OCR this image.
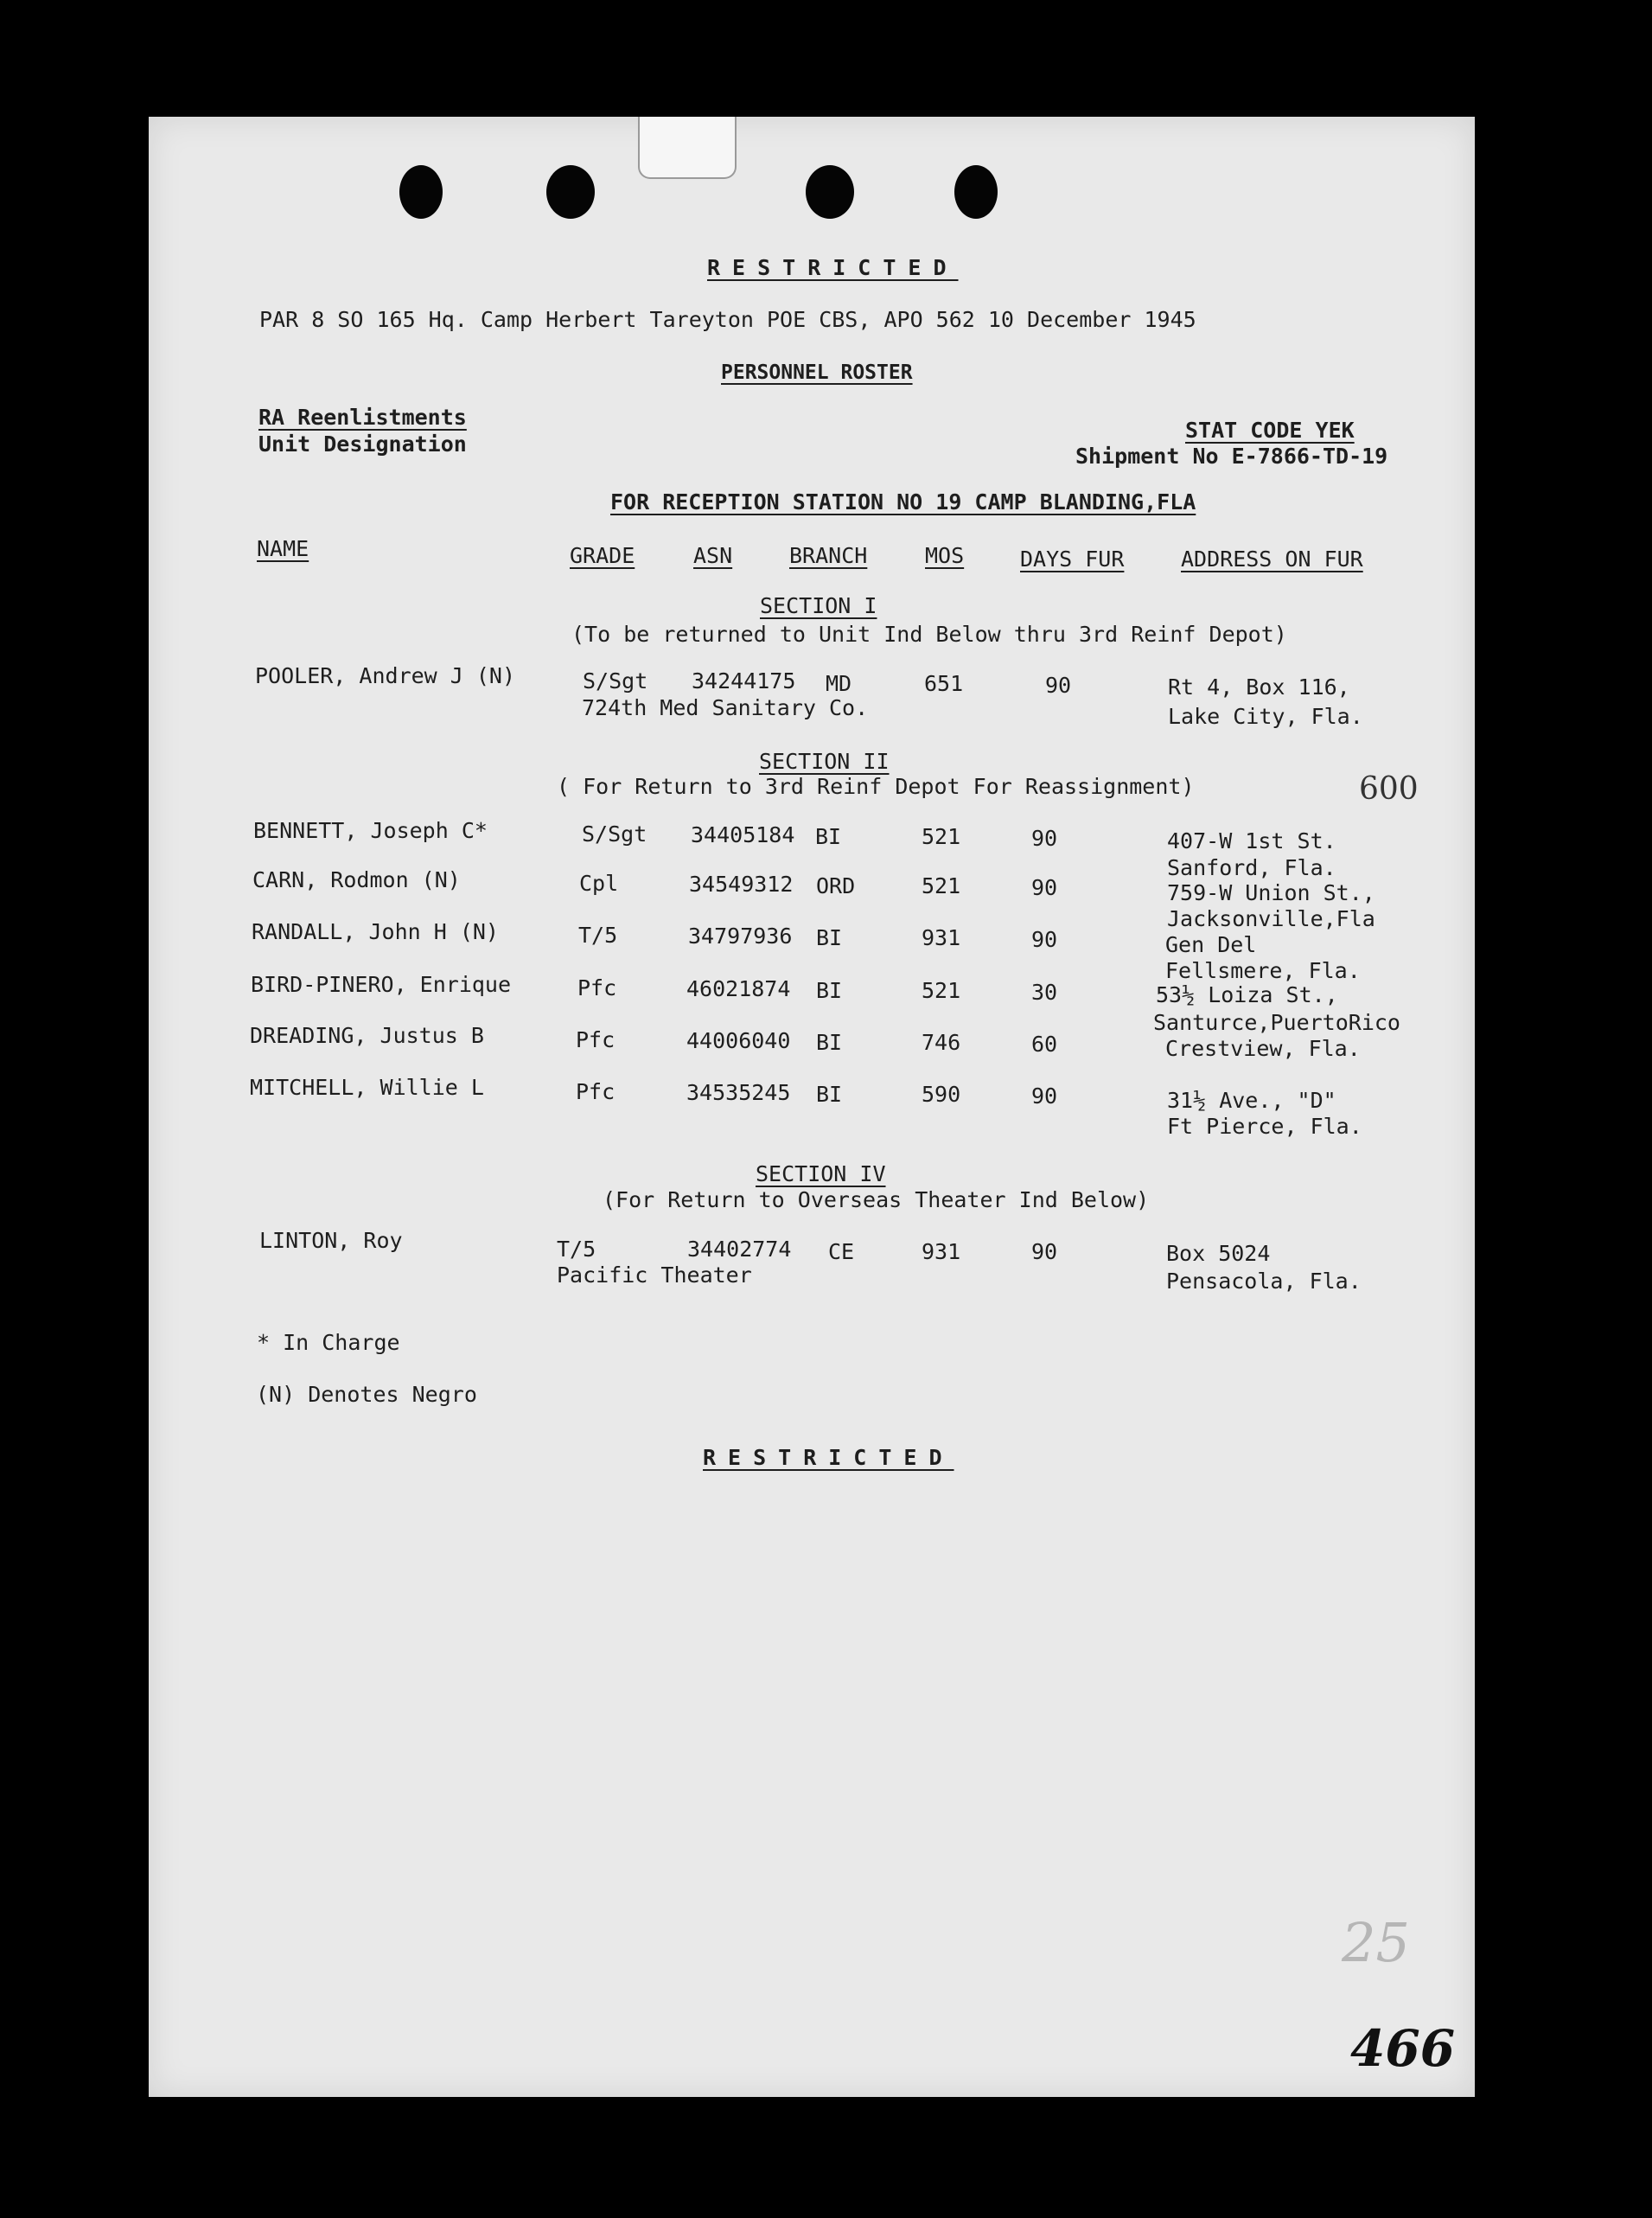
RESTRICTED
PAR 8 SO 165 Hq. Camp Herbert Tareyton POE CBS, APO 562 10 December 1945
PERSONNEL ROSTER
RA Reenlistments
Unit Designation
STAT CODE YEK
Shipment No E-7866-TD-19
FOR RECEPTION STATION NO 19 CAMP BLANDING,FLA
NAME	GRADE	ASN	BRANCH	MOS	DAYS FUR	ADDRESS ON FUR
SECTION I
(To be returned to Unit Ind Below thru 3rd Reinf Depot)
POOLER, Andrew J (N)	S/Sgt 34244175 MD	651	90	Rt 4, Box 116,
724th Med Sanitary Co.	Lake City, Fla.
SECTION II
( For Return to 3rd Reinf Depot For Reassignment)	600
BENNETT, Joseph C*	S/Sgt 34405184 BI	521	90	407-W 1st St.
Sanford, Fla.
CARN, Rodmon (N)	Cpl	34549312 ORD	521	90	759-W Union St.,
Jacksonville,Fla
RANDALL, John H (N)	T/5	34797936 BI	931	90	Gen Del
Fellsmere, Fla.
BIRD-PINERO, Enrique	Pfc	46021874 BI	521	30	53½ Loiza St.,
Santurce,PuertoRico
DREADING, Justus B	Pfc	44006040 BI	746	60	Crestview, Fla.
MITCHELL, Willie L	Pfc	34535245 BI	590	90	31½ Ave., "D"
Ft Pierce, Fla.
SECTION IV
(For Return to Overseas Theater Ind Below)
LINTON, Roy	T/5	34402774 CE	931	90	Box 5024
Pacific Theater	Pensacola, Fla.
* In Charge
(N) Denotes Negro
RESTRICTED
25
466
